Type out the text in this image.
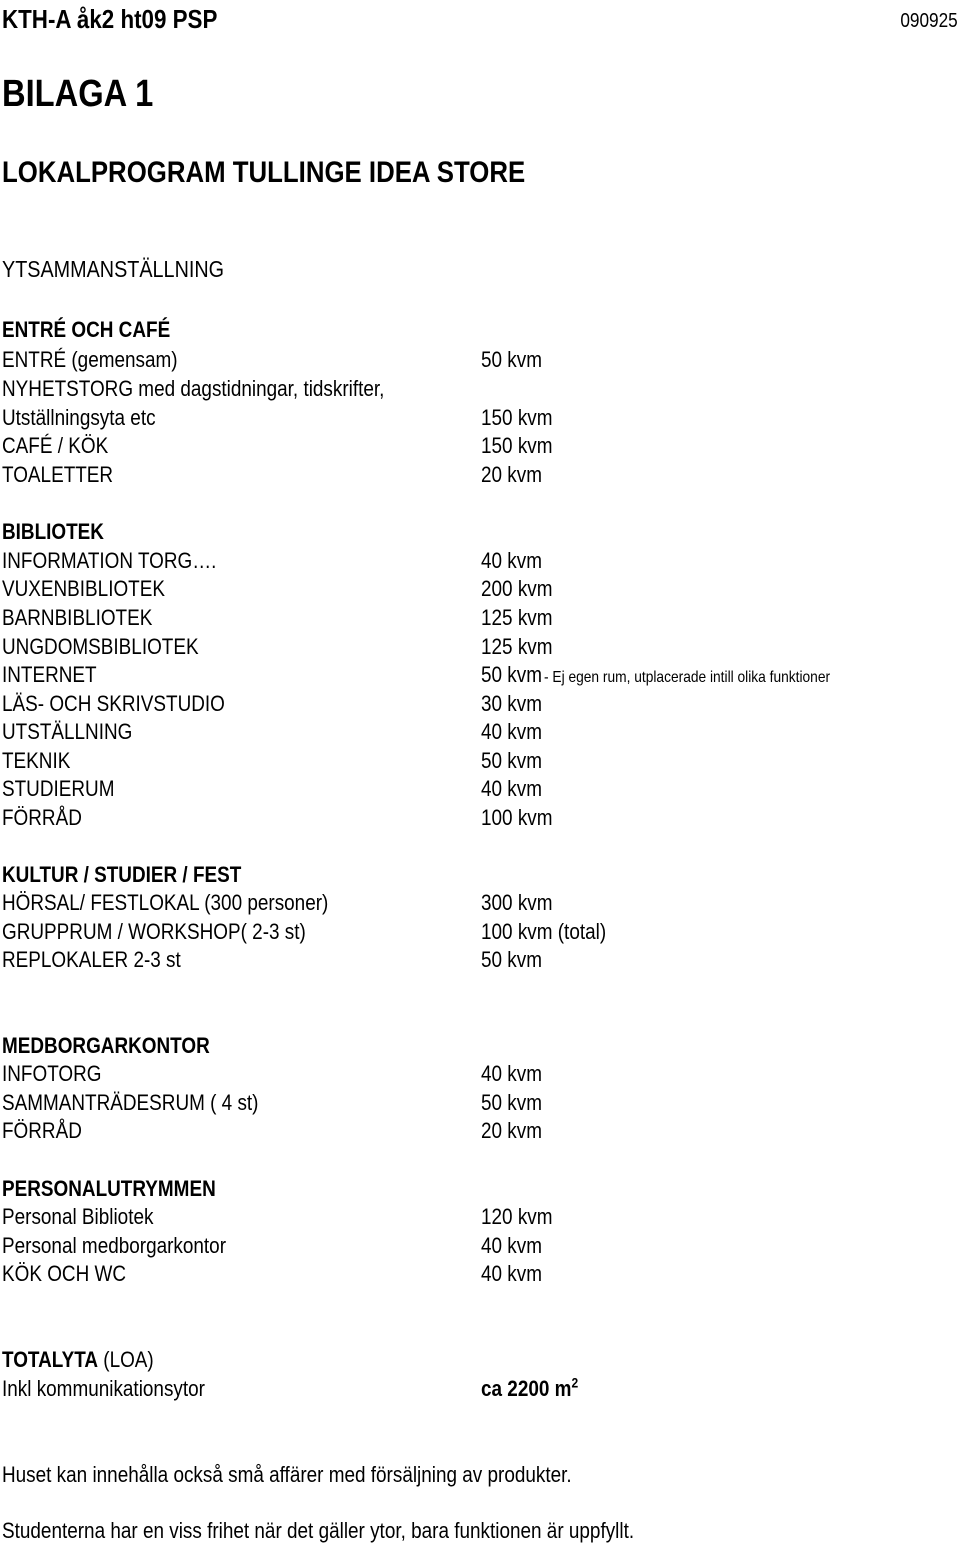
KTH-A åk2 ht09 PSP	090925
BILAGA 1
LOKALPROGRAM TULLINGE IDEA STORE
YTSAMMANSTÄLLNING
ENTRÉ OCH CAFÉ
ENTRÉ (gemensam)	50 kvm
NYHETSTORG med dagstidningar, tidskrifter,
Utställningsyta etc	150 kvm
CAFÉ / KÖK	150 kvm
TOALETTER	20 kvm
BIBLIOTEK
INFORMATION TORG….	40 kvm
VUXENBIBLIOTEK	200 kvm
BARNBIBLIOTEK	125 kvm
UNGDOMSBIBLIOTEK	125 kvm
INTERNET	50 kvm- Ej egen rum, utplacerade intill olika funktioner
LÄS- OCH SKRIVSTUDIO	30 kvm
UTSTÄLLNING	40 kvm
TEKNIK	50 kvm
STUDIERUM	40 kvm
FÖRRÅD	100 kvm
KULTUR / STUDIER / FEST
HÖRSAL/ FESTLOKAL (300 personer)	300 kvm
GRUPPRUM / WORKSHOP( 2-3 st)	100 kvm (total)
REPLOKALER 2-3 st	50 kvm
MEDBORGARKONTOR
INFOTORG	40 kvm
SAMMANTRÄDESRUM ( 4 st)	50 kvm
FÖRRÅD	20 kvm
PERSONALUTRYMMEN
Personal Bibliotek	120 kvm
Personal medborgarkontor	40 kvm
KÖK OCH WC	40 kvm
TOTALYTA (LOA)
Inkl kommunikationsytor	ca 2200 $m^2$
Huset kan innehålla också små affärer med försäljning av produkter.
Studenterna har en viss frihet när det gäller ytor, bara funktionen är uppfyllt.
